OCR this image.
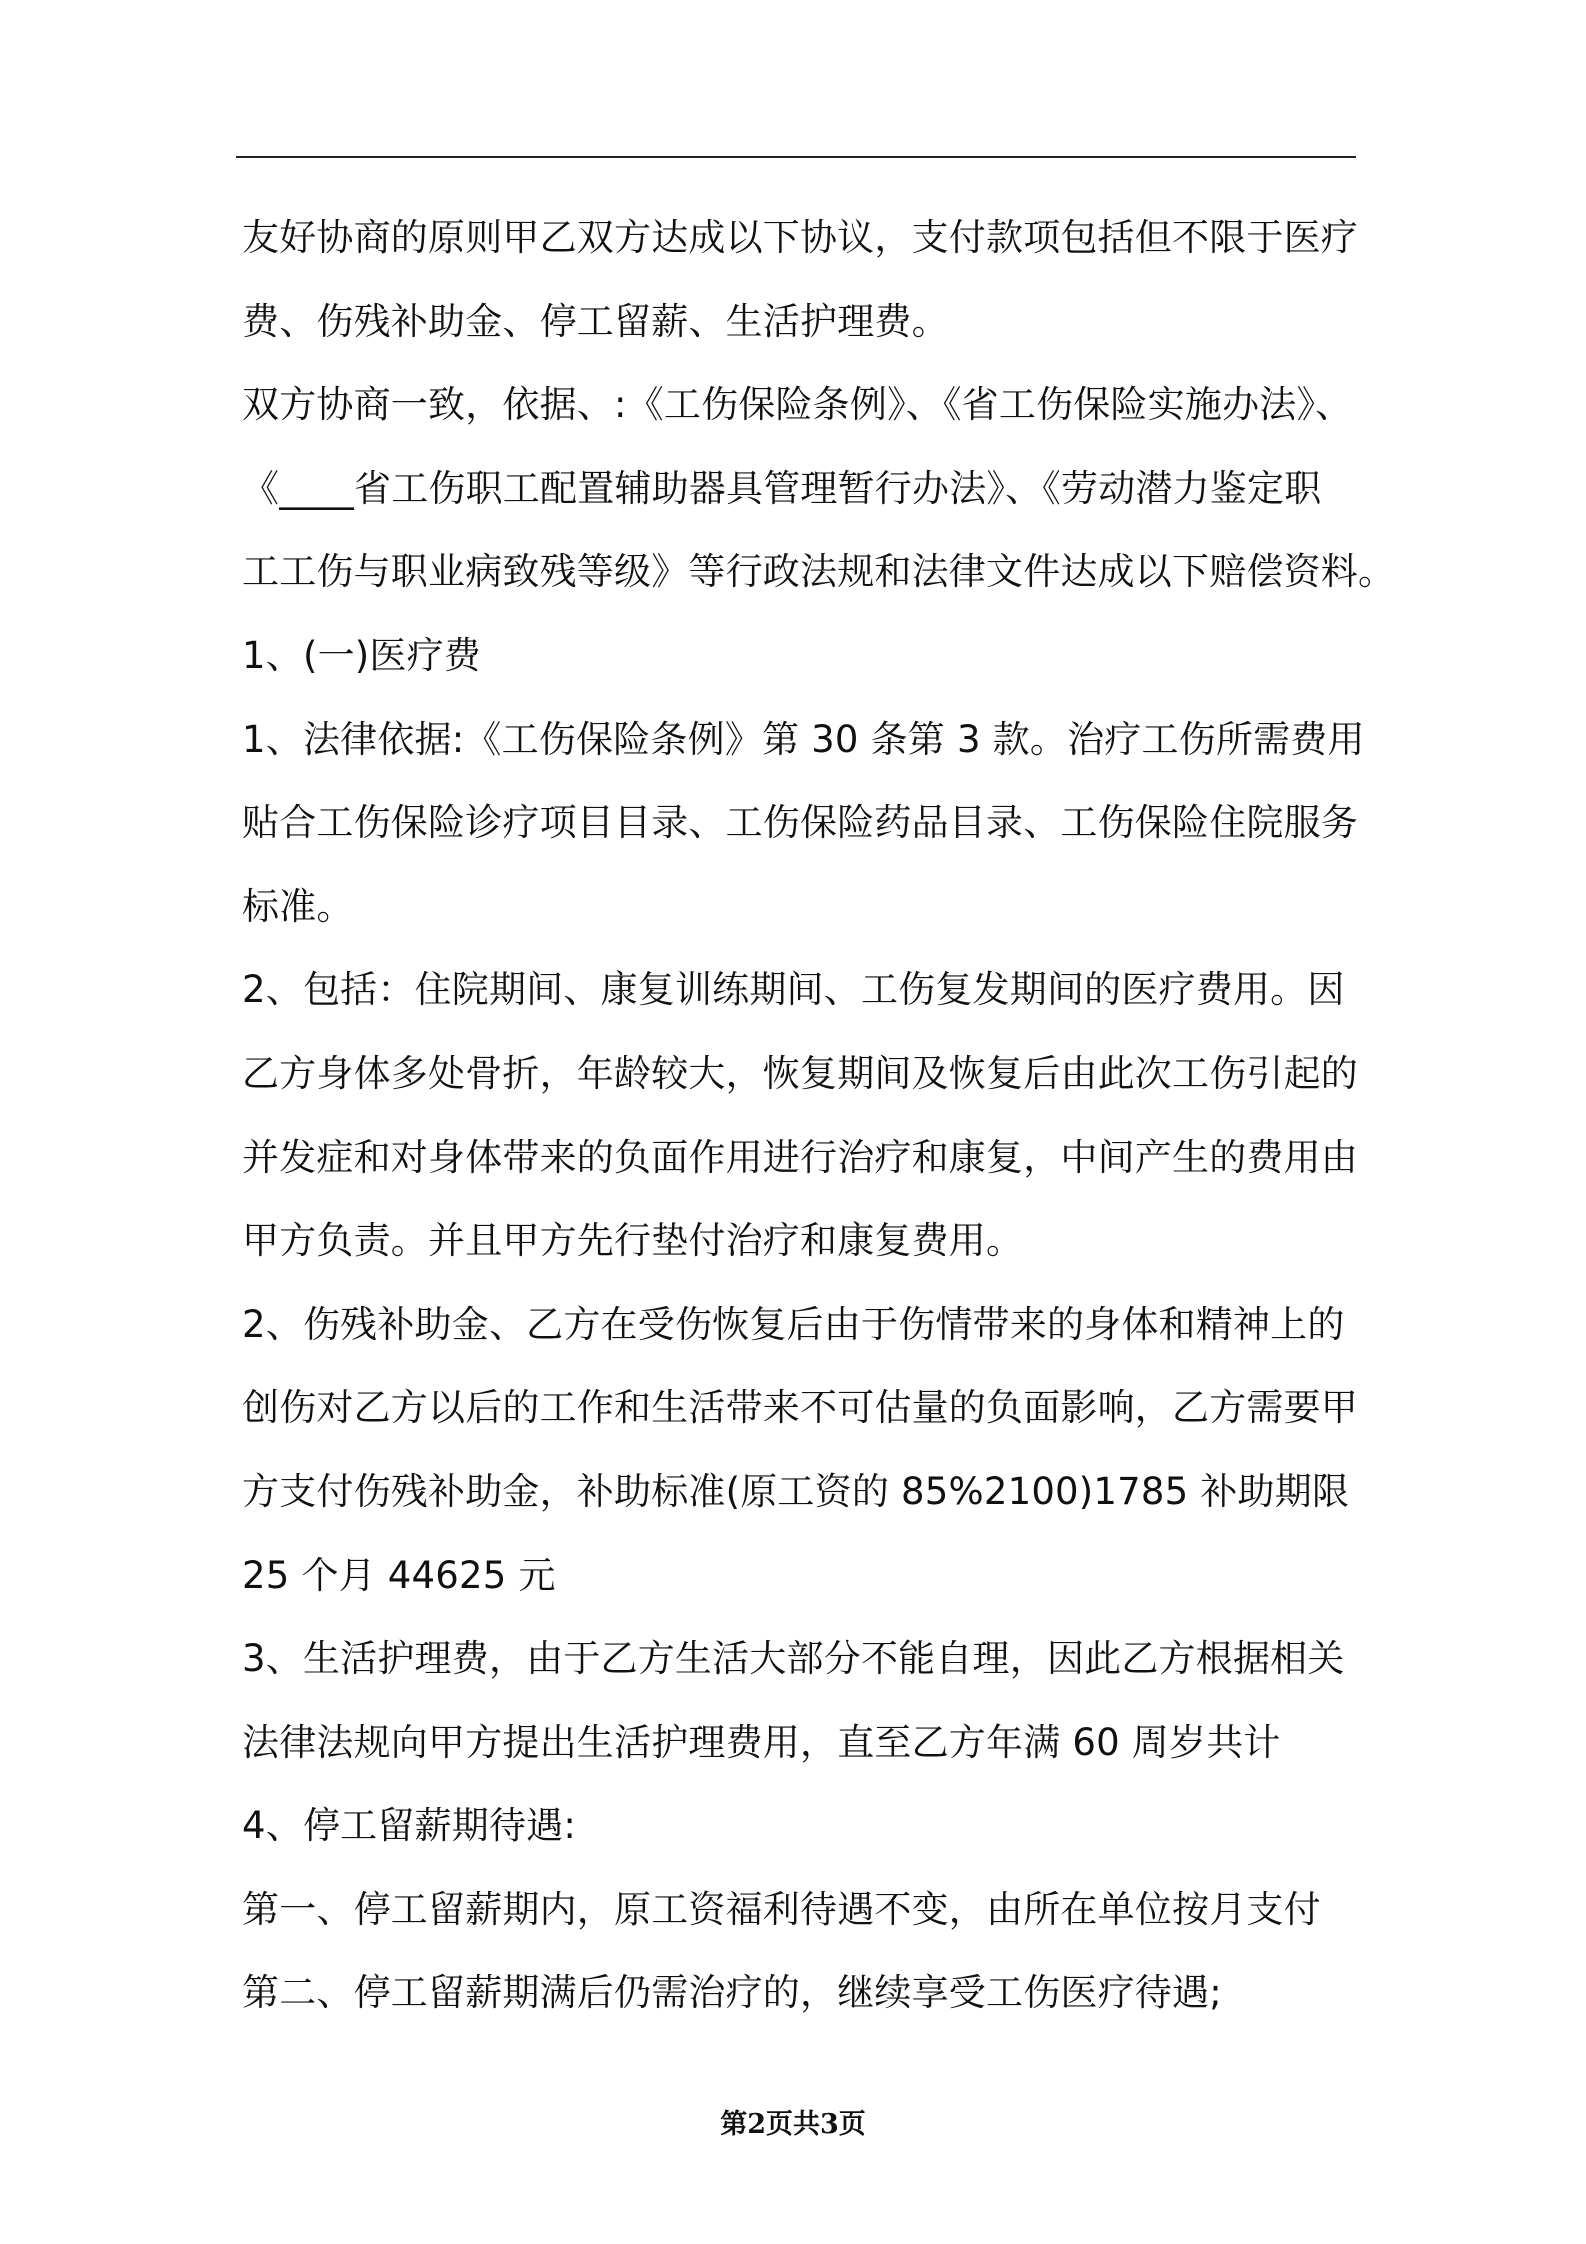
友好协商的原则甲乙双方达成以下协议，支付款项包括但不限于医疗
费、伤残补助金、停工留薪、生活护理费。
双方协商一致，依据、:《工伤保险条例》、《省工伤保险实施办法》、
《____省工伤职工配置辅助器具管理暂行办法》、《劳动潜力鉴定职
工工伤与职业病致残等级》等行政法规和法律文件达成以下赔偿资料。
1、(一)医疗费
1、法律依据:《工伤保险条例》第 30 条第 3 款。治疗工伤所需费用
贴合工伤保险诊疗项目目录、工伤保险药品目录、工伤保险住院服务
标准。
2、包括：住院期间、康复训练期间、工伤复发期间的医疗费用。因
乙方身体多处骨折，年龄较大，恢复期间及恢复后由此次工伤引起的
并发症和对身体带来的负面作用进行治疗和康复，中间产生的费用由
甲方负责。并且甲方先行垫付治疗和康复费用。
2、伤残补助金、乙方在受伤恢复后由于伤情带来的身体和精神上的
创伤对乙方以后的工作和生活带来不可估量的负面影响，乙方需要甲
方支付伤残补助金，补助标准(原工资的 85%2100)1785 补助期限
25 个月 44625 元
3、生活护理费，由于乙方生活大部分不能自理，因此乙方根据相关
法律法规向甲方提出生活护理费用，直至乙方年满 60 周岁共计
4、停工留薪期待遇:
第一、停工留薪期内，原工资福利待遇不变，由所在单位按月支付
第二、停工留薪期满后仍需治疗的，继续享受工伤医疗待遇;
第2页共3页
